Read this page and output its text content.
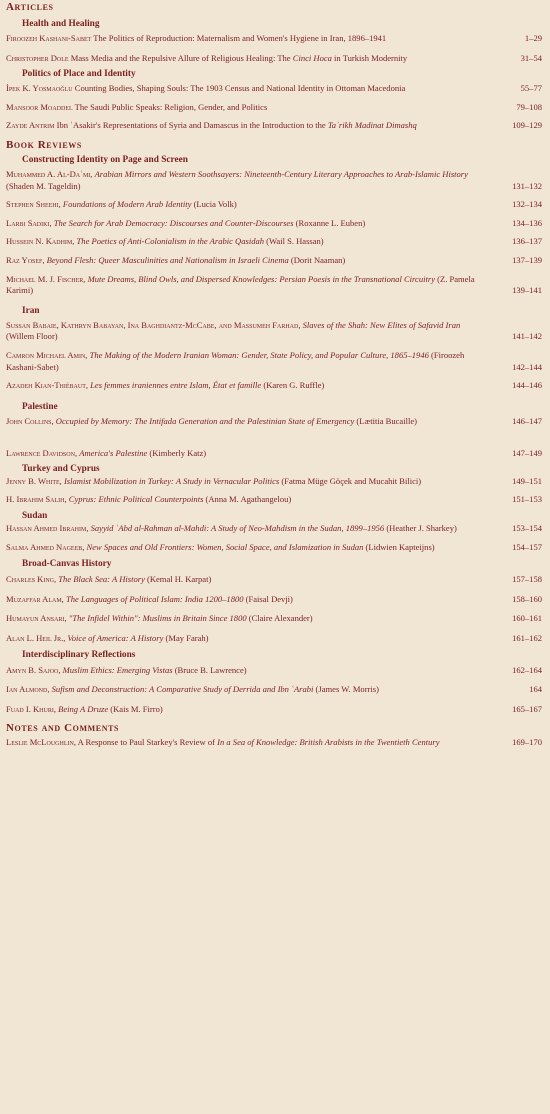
Articles
Health and Healing
Firoozeh Kashani-Sabet The Politics of Reproduction: Maternalism and Women's Hygiene in Iran, 1896–1941	1–29
Christopher Dole Mass Media and the Repulsive Allure of Religious Healing: The Cinci Hoca in Turkish Modernity	31–54
Politics of Place and Identity
İpek K. Yosmaoğlu Counting Bodies, Shaping Souls: The 1903 Census and National Identity in Ottoman Macedonia	55–77
Mansoor Moaddel The Saudi Public Speaks: Religion, Gender, and Politics	79–108
Zayde Antrim Ibn ʿAsakir's Representations of Syria and Damascus in the Introduction to the Taʾrikh Madinat Dimashq	109–129
Book Reviews
Constructing Identity on Page and Screen
Muhammed A. Al-Daʾmi, Arabian Mirrors and Western Soothsayers: Nineteenth-Century Literary Approaches to Arab-Islamic History (Shaden M. Tageldin)	131–132
Stephen Sheehi, Foundations of Modern Arab Identity (Lucia Volk)	132–134
Larbi Sadiki, The Search for Arab Democracy: Discourses and Counter-Discourses (Roxanne L. Euben)	134–136
Hussein N. Kadhim, The Poetics of Anti-Colonialism in the Arabic Qasidah (Wail S. Hassan)	136–137
Raz Yosef, Beyond Flesh: Queer Masculinities and Nationalism in Israeli Cinema (Dorit Naaman)	137–139
Michael M. J. Fischer, Mute Dreams, Blind Owls, and Dispersed Knowledges: Persian Poesis in the Transnational Circuitry (Z. Pamela Karimi)	139–141
Iran
Sussan Babaie, Kathryn Babayan, Ina Baghdiantz-McCabe, and Massumeh Farhad, Slaves of the Shah: New Elites of Safavid Iran (Willem Floor)	141–142
Camron Michael Amin, The Making of the Modern Iranian Woman: Gender, State Policy, and Popular Culture, 1865–1946 (Firoozeh Kashani-Sabet)	142–144
Azadeh Kian-Thiébaut, Les femmes iraniennes entre Islam, État et famille (Karen G. Ruffle)	144–146
Palestine
John Collins, Occupied by Memory: The Intifada Generation and the Palestinian State of Emergency (Lætitia Bucaille)	146–147
Lawrence Davidson, America's Palestine (Kimberly Katz)	147–149
Turkey and Cyprus
Jenny B. White, Islamist Mobilization in Turkey: A Study in Vernacular Politics (Fatma Müge Göçek and Mucahit Bilici)	149–151
H. Ibrahim Salih, Cyprus: Ethnic Political Counterpoints (Anna M. Agathangelou)	151–153
Sudan
Hassan Ahmed Ibrahim, Sayyid ʿAbd al-Rahman al-Mahdi: A Study of Neo-Mahdism in the Sudan, 1899–1956 (Heather J. Sharkey)	153–154
Salma Ahmed Nageeb, New Spaces and Old Frontiers: Women, Social Space, and Islamization in Sudan (Lidwien Kapteijns)	154–157
Broad-Canvas History
Charles King, The Black Sea: A History (Kemal H. Karpat)	157–158
Muzaffar Alam, The Languages of Political Islam: India 1200–1800 (Faisal Devji)	158–160
Humayun Ansari, "The Infidel Within": Muslims in Britain Since 1800 (Claire Alexander)	160–161
Alan L. Heil Jr., Voice of America: A History (May Farah)	161–162
Interdisciplinary Reflections
Amyn B. Sajoo, Muslim Ethics: Emerging Vistas (Bruce B. Lawrence)	162–164
Ian Almond, Sufism and Deconstruction: A Comparative Study of Derrida and Ibn ʿArabi (James W. Morris)	164
Fuad I. Khuri, Being A Druze (Kais M. Firro)	165–167
Notes and Comments
Leslie McLoughlin, A Response to Paul Starkey's Review of In a Sea of Knowledge: British Arabists in the Twentieth Century	169–170
